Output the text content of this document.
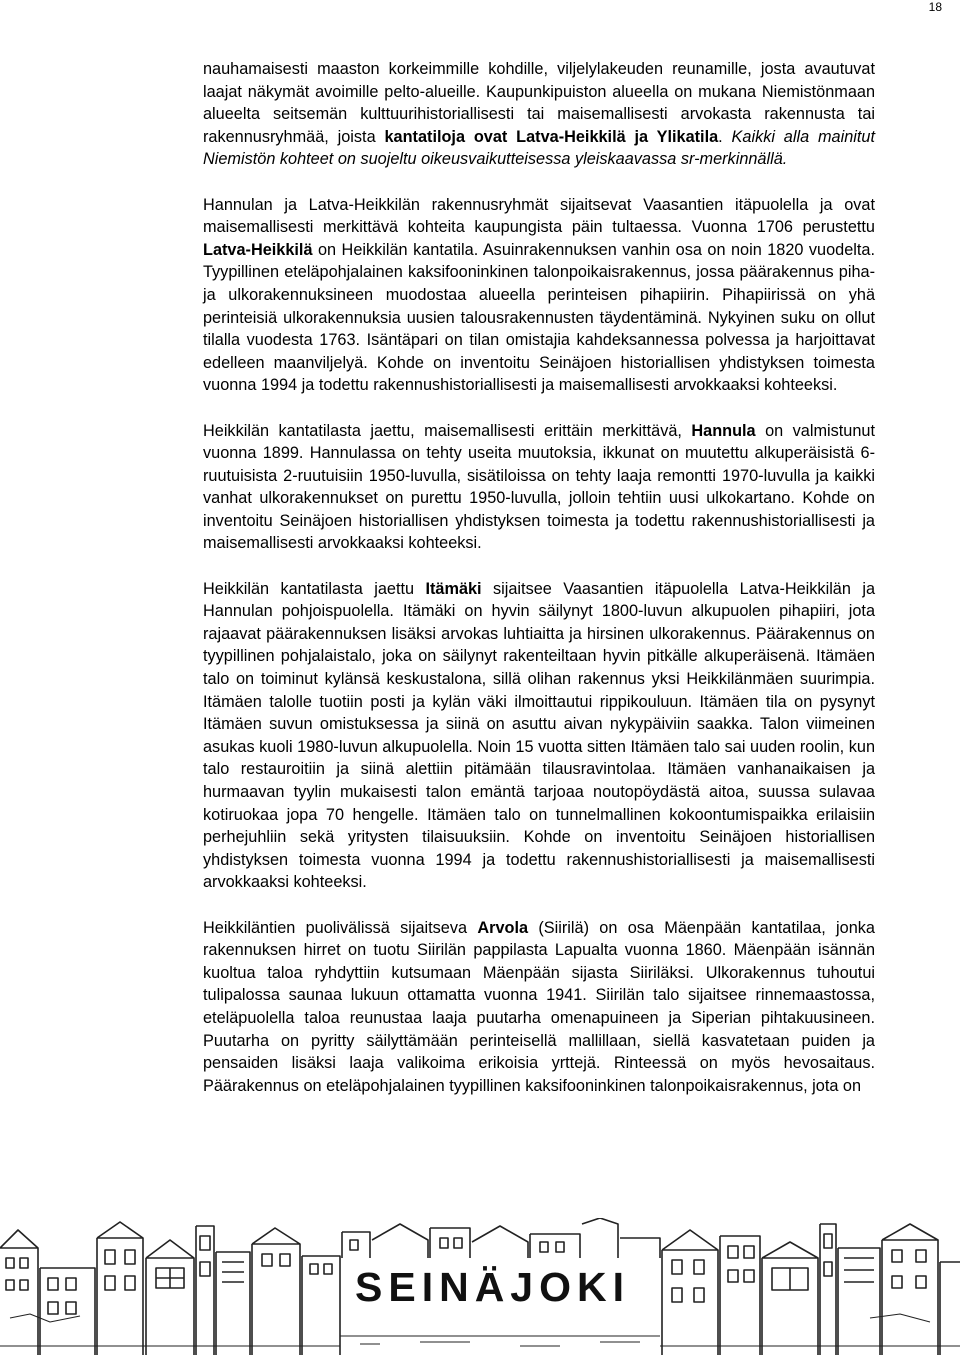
18

nauhamaisesti maaston korkeimmille kohdille, viljelylakeuden reunamille, josta avautuvat laajat näkymät avoimille pelto-alueille. Kaupunkipuiston alueella on mukana Niemistönmaan alueelta seitsemän kulttuurihistoriallisesti tai maisemallisesti arvokasta rakennusta tai rakennusryhmää, joista kantatiloja ovat Latva-Heikkilä ja Ylikatila. Kaikki alla mainitut Niemistön kohteet on suojeltu oikeusvaikutteisessa yleiskaavassa sr-merkinnällä.

Hannulan ja Latva-Heikkilän rakennusryhmät sijaitsevat Vaasantien itäpuolella ja ovat maisemallisesti merkittävä kohteita kaupungista päin tultaessa. Vuonna 1706 perustettu Latva-Heikkilä on Heikkilän kantatila. Asuinrakennuksen vanhin osa on noin 1820 vuodelta. Tyypillinen eteläpohjalainen kaksifooninkinen talonpoikaisrakennus, jossa päärakennus piha- ja ulkorakennuksineen muodostaa alueella perinteisen pihapiirin. Pihapiirissä on yhä perinteisiä ulkorakennuksia uusien talousrakennusten täydentäminä. Nykyinen suku on ollut tilalla vuodesta 1763. Isäntäpari on tilan omistajia kahdeksannessa polvessa ja harjoittavat edelleen maanviljelyä. Kohde on inventoitu Seinäjoen historiallisen yhdistyksen toimesta vuonna 1994 ja todettu rakennushistoriallisesti ja maisemallisesti arvokkaaksi kohteeksi.

Heikkilän kantatilasta jaettu, maisemallisesti erittäin merkittävä, Hannula on valmistunut vuonna 1899. Hannulassa on tehty useita muutoksia, ikkunat on muutettu alkuperäisistä 6-ruutuisista 2-ruutuisiin 1950-luvulla, sisätiloissa on tehty laaja remontti 1970-luvulla ja kaikki vanhat ulkorakennukset on purettu 1950-luvulla, jolloin tehtiin uusi ulkokartano. Kohde on inventoitu Seinäjoen historiallisen yhdistyksen toimesta ja todettu rakennushistoriallisesti ja maisemallisesti arvokkaaksi kohteeksi.

Heikkilän kantatilasta jaettu Itämäki sijaitsee Vaasantien itäpuolella Latva-Heikkilän ja Hannulan pohjoispuolella. Itämäki on hyvin säilynyt 1800-luvun alkupuolen pihapiiri, jota rajaavat päärakennuksen lisäksi arvokas luhtiaitta ja hirsinen ulkorakennus. Päärakennus on tyypillinen pohjalaistalo, joka on säilynyt rakenteiltaan hyvin pitkälle alkuperäisenä. Itämäen talo on toiminut kylänsä keskustalona, sillä olihan rakennus yksi Heikkilänmäen suurimpia. Itämäen talolle tuotiin posti ja kylän väki ilmoittautui rippikouluun. Itämäen tila on pysynyt Itämäen suvun omistuksessa ja siinä on asuttu aivan nykypäiviin saakka. Talon viimeinen asukas kuoli 1980-luvun alkupuolella. Noin 15 vuotta sitten Itämäen talo sai uuden roolin, kun talo restauroitiin ja siinä alettiin pitämään tilausravintolaa. Itämäen vanhanaikaisen ja hurmaavan tyylin mukaisesti talon emäntä tarjoaa noutopöydästä aitoa, suussa sulavaa kotiruokaa jopa 70 hengelle. Itämäen talo on tunnelmallinen kokoontumispaikka erilaisiin perhejuhliin sekä yritysten tilaisuuksiin. Kohde on inventoitu Seinäjoen historiallisen yhdistyksen toimesta vuonna 1994 ja todettu rakennushistoriallisesti ja maisemallisesti arvokkaaksi kohteeksi.

Heikkiläntien puolivälissä sijaitseva Arvola (Siirilä) on osa Mäenpään kantatilaa, jonka rakennuksen hirret on tuotu Siirilän pappilasta Lapualta vuonna 1860. Mäenpään isännän kuoltua taloa ryhdyttiin kutsumaan Mäenpään sijasta Siiriläksi. Ulkorakennus tuhoutui tulipalossa saunaa lukuun ottamatta vuonna 1941. Siirilän talo sijaitsee rinnemaastossa, eteläpuolella taloa reunustaa laaja puutarha omenapuineen ja Siperian pihtakuusineen. Puutarha on pyritty säilyttämään perinteisellä mallillaan, siellä kasvatetaan puiden ja pensaiden lisäksi laaja valikoima erikoisia yrttejä. Rinteessä on myös hevosaitaus. Päärakennus on eteläpohjalainen tyypillinen kaksifooninkinen talonpoikaisrakennus, jota on

SEINÄJOKI
